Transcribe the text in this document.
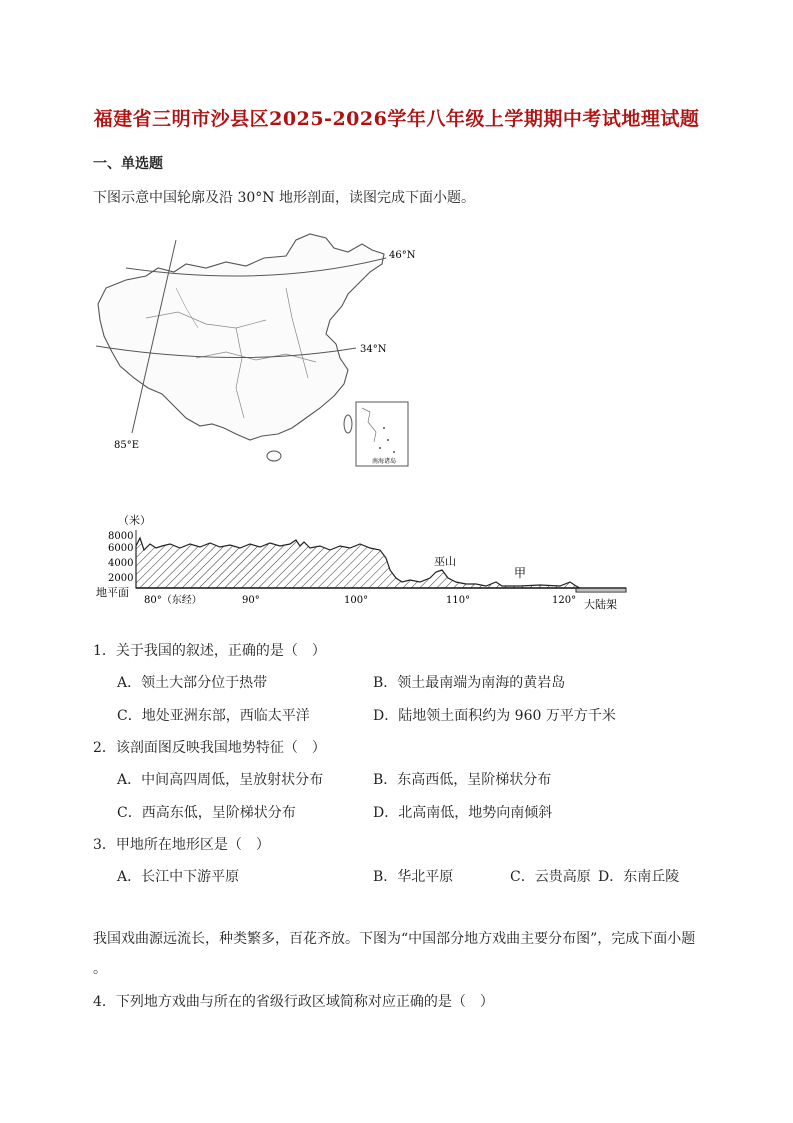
福建省三明市沙县区2025-2026学年八年级上学期期中考试地理试题
一、单选题
下图示意中国轮廓及沿 30°N 地形剖面，读图完成下面小题。
46°N
34°N
85°E
南海诸岛
（米）
8000
6000
4000
2000
地平面
巫山
甲
80°（东经）	90°	100°	110°	120° 大陆架
1．关于我国的叙述，正确的是（　）
A．领土大部分位于热带	B．领土最南端为南海的黄岩岛
C．地处亚洲东部，西临太平洋	D．陆地领土面积约为 960 万平方千米
2．该剖面图反映我国地势特征（　）
A．中间高四周低，呈放射状分布	B．东高西低，呈阶梯状分布
C．西高东低，呈阶梯状分布	D．北高南低，地势向南倾斜
3．甲地所在地形区是（　）
A．长江中下游平原	B．华北平原	C．云贵高原 D．东南丘陵
我国戏曲源远流长，种类繁多，百花齐放。下图为“中国部分地方戏曲主要分布图”，完成下面小题
。
4．下列地方戏曲与所在的省级行政区域简称对应正确的是（　）
